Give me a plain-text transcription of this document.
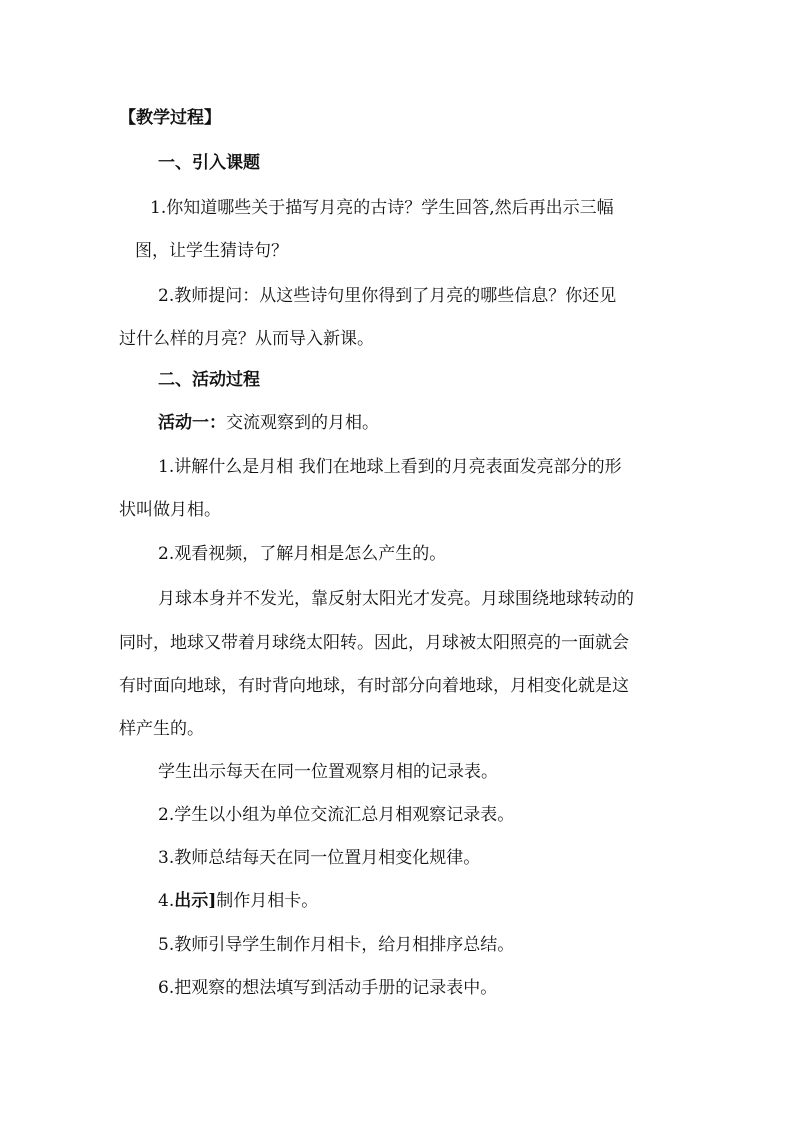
【教学过程】
一、引入课题
1.你知道哪些关于描写月亮的古诗？学生回答,然后再出示三幅
图，让学生猜诗句？
2.教师提问：从这些诗句里你得到了月亮的哪些信息？你还见
过什么样的月亮？从而导入新课。
二、活动过程
活动一：交流观察到的月相。
1.讲解什么是月相 我们在地球上看到的月亮表面发亮部分的形
状叫做月相。
2.观看视频，了解月相是怎么产生的。
月球本身并不发光，靠反射太阳光才发亮。月球围绕地球转动的
同时，地球又带着月球绕太阳转。因此，月球被太阳照亮的一面就会
有时面向地球，有时背向地球，有时部分向着地球，月相变化就是这
样产生的。
学生出示每天在同一位置观察月相的记录表。
2.学生以小组为单位交流汇总月相观察记录表。
3.教师总结每天在同一位置月相变化规律。
4.出示]制作月相卡。
5.教师引导学生制作月相卡，给月相排序总结。
6.把观察的想法填写到活动手册的记录表中。
